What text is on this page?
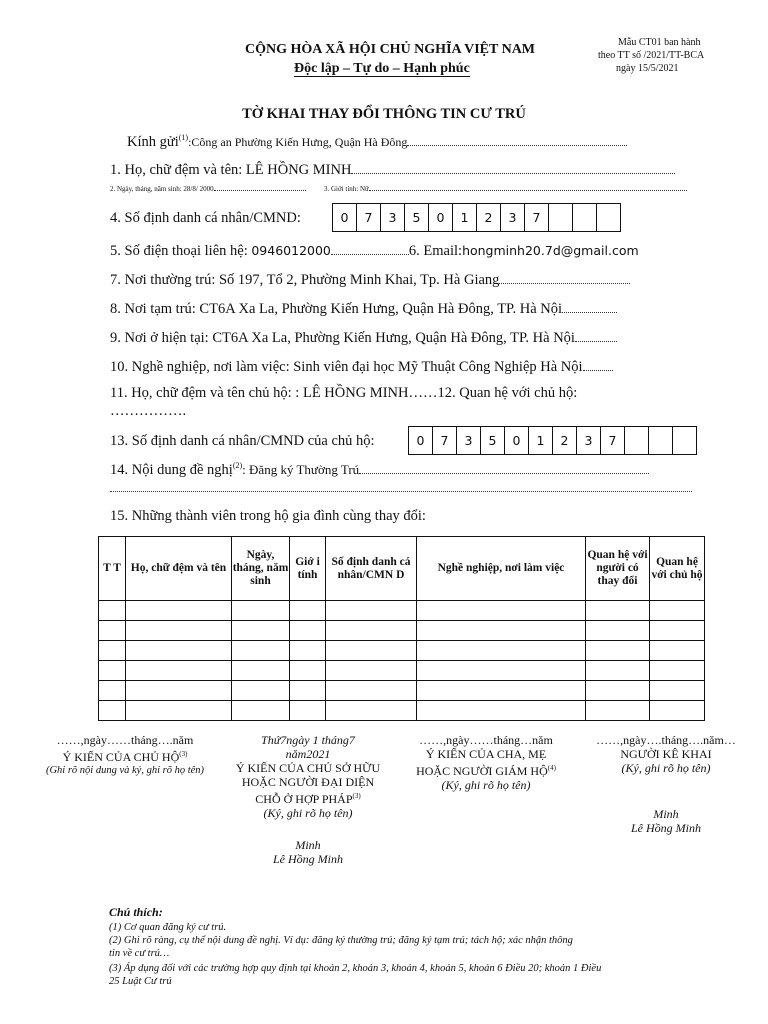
CỘNG HÒA XÃ HỘI CHỦ NGHĨA VIỆT NAM
Độc lập – Tự do – Hạnh phúc
Mẫu CT01 ban hành
theo TT số /2021/TT-BCA
ngày 15/5/2021
TỜ KHAI THAY ĐỔI THÔNG TIN CƯ TRÚ
Kính gửi$^{(1)}$:Công an Phường Kiến Hưng, Quận Hà Đông
1. Họ, chữ đệm và tên: LÊ HỒNG MINH
2. Ngày, tháng, năm sinh: 28/8/ 2000	3. Giới tính: Nữ
4. Số định danh cá nhân/CMND:	0	7	3	5	0	1	2	3	7
5. Số điện thoại liên hệ: 0946012000	6. Email:hongminh20.7d@gmail.com
7. Nơi thường trú: Số 197, Tổ 2, Phường Minh Khai, Tp. Hà Giang
8. Nơi tạm trú: CT6A Xa La, Phường Kiến Hưng, Quận Hà Đông, TP. Hà Nội
9. Nơi ở hiện tại: CT6A Xa La, Phường Kiến Hưng, Quận Hà Đông, TP. Hà Nội
10. Nghề nghiệp, nơi làm việc: Sinh viên đại học Mỹ Thuật Công Nghiệp Hà Nội
11. Họ, chữ đệm và tên chủ hộ: : LÊ HỒNG MINH……12. Quan hệ với chủ hộ:
…………….
13. Số định danh cá nhân/CMND của chủ hộ:	0	7	3	5	0	1	2	3	7
14. Nội dung đề nghị$^{(2)}$: Đăng ký Thường Trú
15. Những thành viên trong hộ gia đình cùng thay đổi:
T T	Họ, chữ đệm và tên	Ngày, tháng, năm sinh	Giớ i tính	Số định danh cá nhân/CMN D	Nghề nghiệp, nơi làm việc	Quan hệ với người có thay đổi	Quan hệ với chủ hộ

……,ngày……tháng….năm
Ý KIẾN CỦA CHỦ HỘ$^{(3)}$
(Ghi rõ nội dung và ký, ghi rõ họ tên)
Thứ7ngày 1 tháng7
năm2021
Ý KIẾN CỦA CHỦ SỞ HỮU
HOẶC NGƯỜI ĐẠI DIỆN
CHỖ Ở HỢP PHÁP$^{(3)}$
(Ký, ghi rõ họ tên)
Minh
Lê Hồng Minh
……,ngày……tháng…năm
Ý KIẾN CỦA CHA, MẸ
HOẶC NGƯỜI GIÁM HỘ$^{(4)}$
(Ký, ghi rõ họ tên)
……,ngày….tháng….năm…
NGƯỜI KÊ KHAI
(Ký, ghi rõ họ tên)
Minh
Lê Hồng Minh
Chú thích:
(1) Cơ quan đăng ký cư trú.
(2) Ghi rõ ràng, cụ thể nội dung đề nghị. Ví dụ: đăng ký thường trú; đăng ký tạm trú; tách hộ; xác nhận thông
tin về cư trú…
(3) Áp dụng đối với các trường hợp quy định tại khoản 2, khoản 3, khoản 4, khoản 5, khoản 6 Điều 20; khoản 1 Điều
25 Luật Cư trú
